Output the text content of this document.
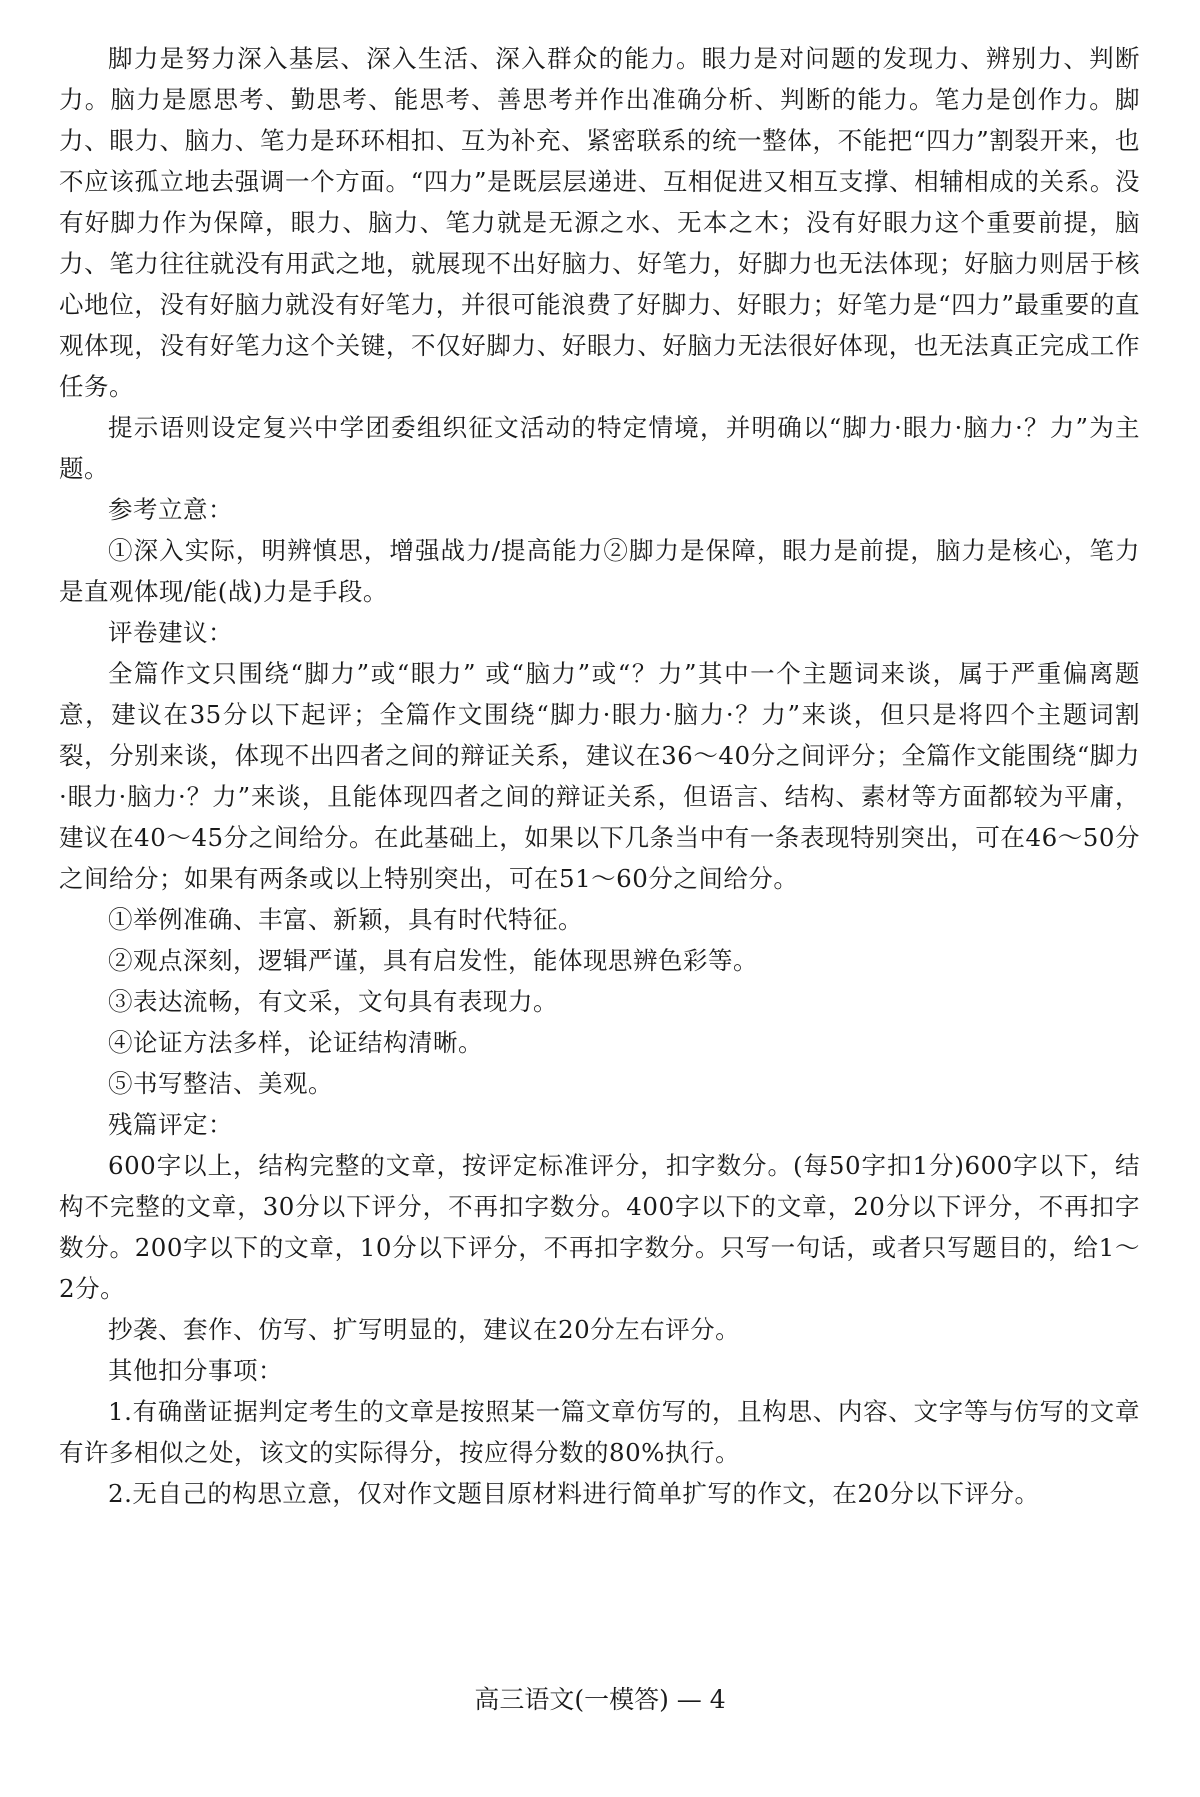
脚力是努力深入基层、深入生活、深入群众的能力。眼力是对问题的发现力、辨别力、判断力。脑力是愿思考、勤思考、能思考、善思考并作出准确分析、判断的能力。笔力是创作力。脚力、眼力、脑力、笔力是环环相扣、互为补充、紧密联系的统一整体，不能把“四力”割裂开来，也不应该孤立地去强调一个方面。“四力”是既层层递进、互相促进又相互支撑、相辅相成的关系。没有好脚力作为保障，眼力、脑力、笔力就是无源之水、无本之木；没有好眼力这个重要前提，脑力、笔力往往就没有用武之地，就展现不出好脑力、好笔力，好脚力也无法体现；好脑力则居于核心地位，没有好脑力就没有好笔力，并很可能浪费了好脚力、好眼力；好笔力是“四力”最重要的直观体现，没有好笔力这个关键，不仅好脚力、好眼力、好脑力无法很好体现，也无法真正完成工作任务。

提示语则设定复兴中学团委组织征文活动的特定情境，并明确以“脚力·眼力·脑力·？力”为主题。

参考立意：

①深入实际，明辨慎思，增强战力/提高能力②脚力是保障，眼力是前提，脑力是核心，笔力是直观体现/能(战)力是手段。

评卷建议：

全篇作文只围绕“脚力”或“眼力” 或“脑力”或“？力”其中一个主题词来谈，属于严重偏离题意，建议在35分以下起评；全篇作文围绕“脚力·眼力·脑力·？力”来谈，但只是将四个主题词割裂，分别来谈，体现不出四者之间的辩证关系，建议在36～40分之间评分；全篇作文能围绕“脚力·眼力·脑力·？力”来谈，且能体现四者之间的辩证关系，但语言、结构、素材等方面都较为平庸，建议在40～45分之间给分。在此基础上，如果以下几条当中有一条表现特别突出，可在46～50分之间给分；如果有两条或以上特别突出，可在51～60分之间给分。

①举例准确、丰富、新颖，具有时代特征。

②观点深刻，逻辑严谨，具有启发性，能体现思辨色彩等。

③表达流畅，有文采，文句具有表现力。

④论证方法多样，论证结构清晰。

⑤书写整洁、美观。

残篇评定：

600字以上，结构完整的文章，按评定标准评分，扣字数分。(每50字扣1分)600字以下，结构不完整的文章，30分以下评分，不再扣字数分。400字以下的文章，20分以下评分，不再扣字数分。200字以下的文章，10分以下评分，不再扣字数分。只写一句话，或者只写题目的，给1～2分。

抄袭、套作、仿写、扩写明显的，建议在20分左右评分。

其他扣分事项：

1.有确凿证据判定考生的文章是按照某一篇文章仿写的，且构思、内容、文字等与仿写的文章有许多相似之处，该文的实际得分，按应得分数的80%执行。

2.无自己的构思立意，仅对作文题目原材料进行简单扩写的作文，在20分以下评分。

高三语文(一模答) — 4
